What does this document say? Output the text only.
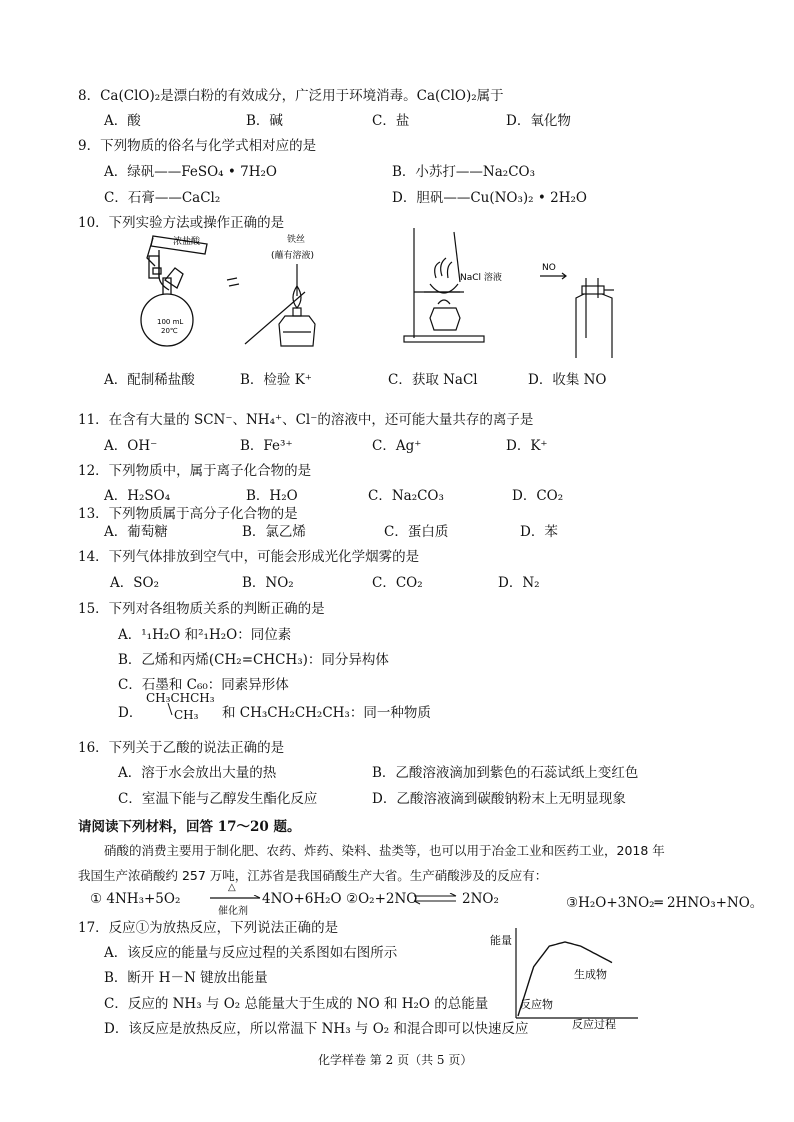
8．Ca(ClO)₂是漂白粉的有效成分，广泛用于环境消毒。Ca(ClO)₂属于
A．酸	B．碱	C．盐	D．氧化物
9．下列物质的俗名与化学式相对应的是
A．绿矾——FeSO₄ • 7H₂O	B．小苏打——Na₂CO₃
C．石膏——CaCl₂	D．胆矾——Cu(NO₃)₂ • 2H₂O
10．下列实验方法或操作正确的是
浓盐酸
100 mL
20℃
铁丝
(蘸有溶液)
NaCl 溶液
NO
A．配制稀盐酸	B．检验 K⁺	C．获取 NaCl	D．收集 NO
11．在含有大量的 SCN⁻、NH₄⁺、Cl⁻的溶液中，还可能大量共存的离子是
A．OH⁻	B．Fe³⁺	C．Ag⁺	D．K⁺
12．下列物质中，属于离子化合物的是
A．H₂SO₄	B．H₂O	C．Na₂CO₃	D．CO₂
13．下列物质属于高分子化合物的是
A．葡萄糖	B．氯乙烯	C．蛋白质	D．苯
14．下列气体排放到空气中，可能会形成光化学烟雾的是
A．SO₂	B．NO₂	C．CO₂	D．N₂
15．下列对各组物质关系的判断正确的是
A．¹₁H₂O 和²₁H₂O：同位素
B．乙烯和丙烯(CH₂=CHCH₃)：同分异构体
C．石墨和 C₆₀：同素异形体
D．
CH₃CHCH₃
CH₃ 和 CH₃CH₂CH₂CH₃：同一种物质
16．下列关于乙酸的说法正确的是
A．溶于水会放出大量的热	B．乙酸溶液滴加到紫色的石蕊试纸上变红色
C．室温下能与乙醇发生酯化反应	D．乙酸溶液滴到碳酸钠粉末上无明显现象
请阅读下列材料，回答 17～20 题。
硝酸的消费主要用于制化肥、农药、炸药、染料、盐类等，也可以用于冶金工业和医药工业，2018 年
我国生产浓硝酸约 257 万吨，江苏省是我国硝酸生产大省。生产硝酸涉及的反应有：
① 4NH₃+5O₂
△
催化剂
4NO+6H₂O ②O₂+2NO	2NO₂	③H₂O+3NO₂═ 2HNO₃+NO。
17．反应①为放热反应，下列说法正确的是
A．该反应的能量与反应过程的关系图如右图所示
B．断开 H－N 键放出能量
C．反应的 NH₃ 与 O₂ 总能量大于生成的 NO 和 H₂O 的总能量
D．该反应是放热反应，所以常温下 NH₃ 与 O₂ 和混合即可以快速反应
能量
反应过程
生成物
反应物
化学样卷 第 2 页（共 5 页）
